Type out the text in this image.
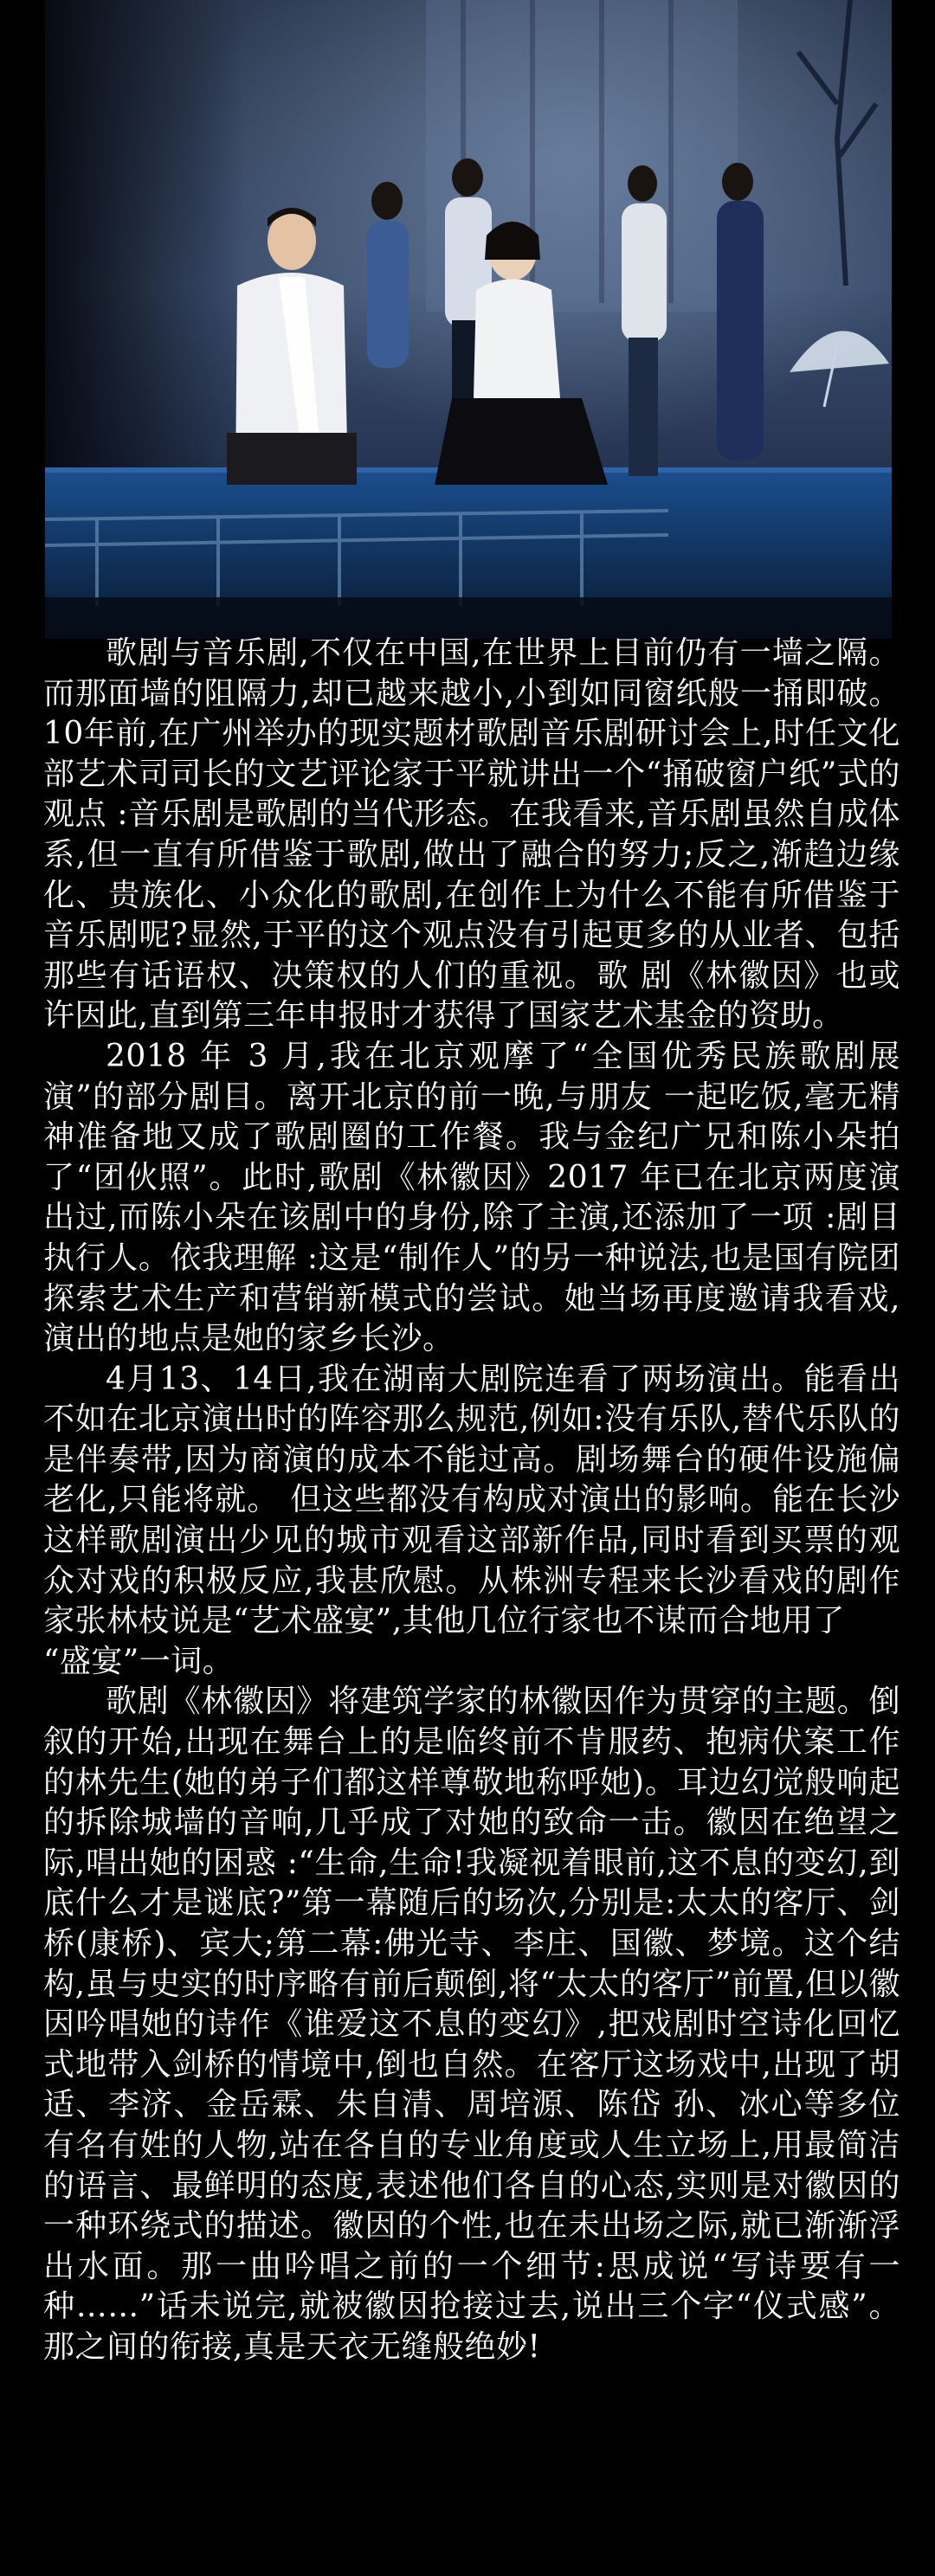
歌剧与音乐剧,不仅在中国,在世界上目前仍有一墙之隔。而那面墙的阻隔力,却已越来越小,小到如同窗纸般一捅即破。10年前,在广州举办的现实题材歌剧音乐剧研讨会上,时任文化部艺术司司长的文艺评论家于平就讲出一个“捅破窗户纸”式的观点 :音乐剧是歌剧的当代形态。在我看来,音乐剧虽然自成体系,但一直有所借鉴于歌剧,做出了融合的努力;反之,渐趋边缘化、贵族化、小众化的歌剧,在创作上为什么不能有所借鉴于音乐剧呢?显然,于平的这个观点没有引起更多的从业者、包括那些有话语权、决策权的人们的重视。歌 剧《林徽因》也或许因此,直到第三年申报时才获得了国家艺术基金的资助。

2018 年 3 月,我在北京观摩了“全国优秀民族歌剧展演”的部分剧目。离开北京的前一晚,与朋友 一起吃饭,毫无精神准备地又成了歌剧圈的工作餐。我与金纪广兄和陈小朵拍了“团伙照”。此时,歌剧《林徽因》2017 年已在北京两度演出过,而陈小朵在该剧中的身份,除了主演,还添加了一项 :剧目执行人。依我理解 :这是“制作人”的另一种说法,也是国有院团探索艺术生产和营销新模式的尝试。她当场再度邀请我看戏,演出的地点是她的家乡长沙。

4月13、14日,我在湖南大剧院连看了两场演出。能看出不如在北京演出时的阵容那么规范,例如:没有乐队,替代乐队的是伴奏带,因为商演的成本不能过高。剧场舞台的硬件设施偏老化,只能将就。 但这些都没有构成对演出的影响。能在长沙这样歌剧演出少见的城市观看这部新作品,同时看到买票的观众对戏的积极反应,我甚欣慰。从株洲专程来长沙看戏的剧作家张林枝说是“艺术盛宴”,其他几位行家也不谋而合地用了

“盛宴”一词。

歌剧《林徽因》将建筑学家的林徽因作为贯穿的主题。倒叙的开始,出现在舞台上的是临终前不肯服药、抱病伏案工作的林先生(她的弟子们都这样尊敬地称呼她)。耳边幻觉般响起的拆除城墙的音响,几乎成了对她的致命一击。徽因在绝望之际,唱出她的困惑 :“生命,生命!我凝视着眼前,这不息的变幻,到底什么才是谜底?”第一幕随后的场次,分别是:太太的客厅、剑桥(康桥)、宾大;第二幕:佛光寺、李庄、国徽、梦境。这个结构,虽与史实的时序略有前后颠倒,将“太太的客厅”前置,但以徽因吟唱她的诗作《谁爱这不息的变幻》,把戏剧时空诗化回忆式地带入剑桥的情境中,倒也自然。在客厅这场戏中,出现了胡适、李济、金岳霖、朱自清、周培源、陈岱 孙、冰心等多位有名有姓的人物,站在各自的专业角度或人生立场上,用最简洁的语言、最鲜明的态度,表述他们各自的心态,实则是对徽因的一种环绕式的描述。徽因的个性,也在未出场之际,就已渐渐浮出水面。那一曲吟唱之前的一个细节:思成说“写诗要有一种……”话未说完,就被徽因抢接过去,说出三个字“仪式感”。那之间的衔接,真是天衣无缝般绝妙!
